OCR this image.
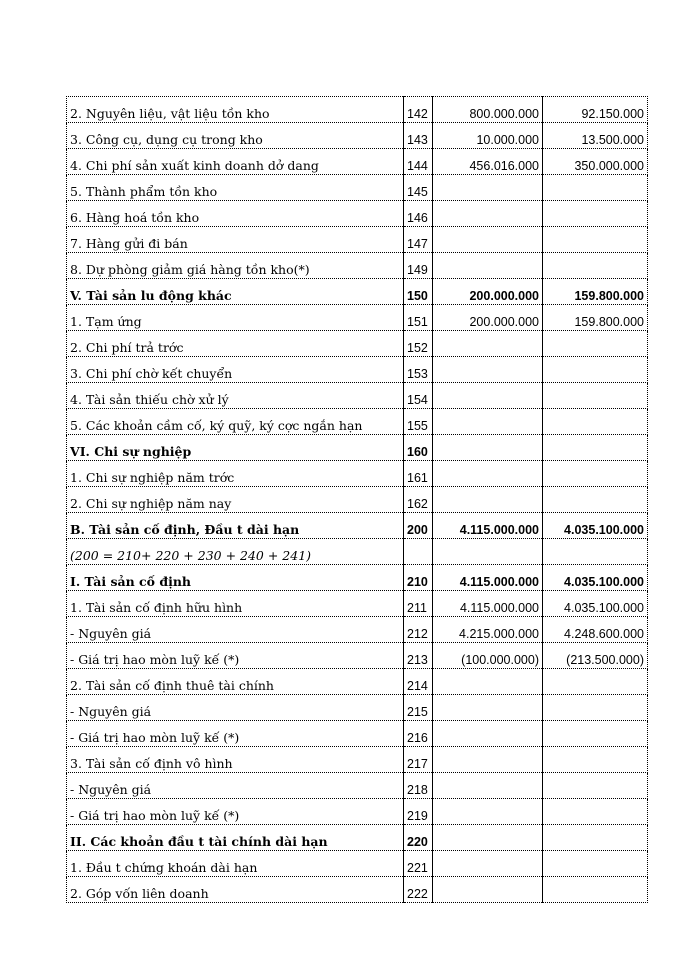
2. Nguyên liệu, vật liệu tồn kho	142	800.000.000	92.150.000
3. Công cụ, dụng cụ trong kho	143	10.000.000	13.500.000
4. Chi phí sản xuất kinh doanh dở dang	144	456.016.000	350.000.000
5. Thành phẩm tồn kho	145		
6. Hàng hoá tồn kho	146		
7. Hàng gửi đi bán	147		
8. Dự phòng giảm giá hàng tồn kho(*)	149		
V. Tài sản lu động khác	150	200.000.000	159.800.000
1. Tạm ứng	151	200.000.000	159.800.000
2. Chi phí trả trớc	152		
3. Chi phí chờ kết chuyển	153		
4. Tài sản thiếu chờ xử lý	154		
5. Các khoản cầm cố, ký quỹ, ký cợc ngắn hạn	155		
VI. Chi sự nghiệp	160		
1. Chi sự nghiệp năm trớc	161		
2. Chi sự nghiệp năm nay	162		
B. Tài sản cố định, Đầu t dài hạn	200	4.115.000.000	4.035.100.000
(200 = 210+ 220 + 230 + 240 + 241)			
I. Tài sản cố định	210	4.115.000.000	4.035.100.000
1. Tài sản cố định hữu hình	211	4.115.000.000	4.035.100.000
- Nguyên giá	212	4.215.000.000	4.248.600.000
- Giá trị hao mòn luỹ kế (*)	213	(100.000.000)	(213.500.000)
2. Tài sản cố định thuê tài chính	214		
- Nguyên giá	215		
- Giá trị hao mòn luỹ kế (*)	216		
3. Tài sản cố định vô hình	217		
- Nguyên giá	218		
- Giá trị hao mòn luỹ kế (*)	219		
II. Các khoản đầu t tài chính dài hạn	220		
1. Đầu t chứng khoán dài hạn	221		
2. Góp vốn liên doanh	222		
